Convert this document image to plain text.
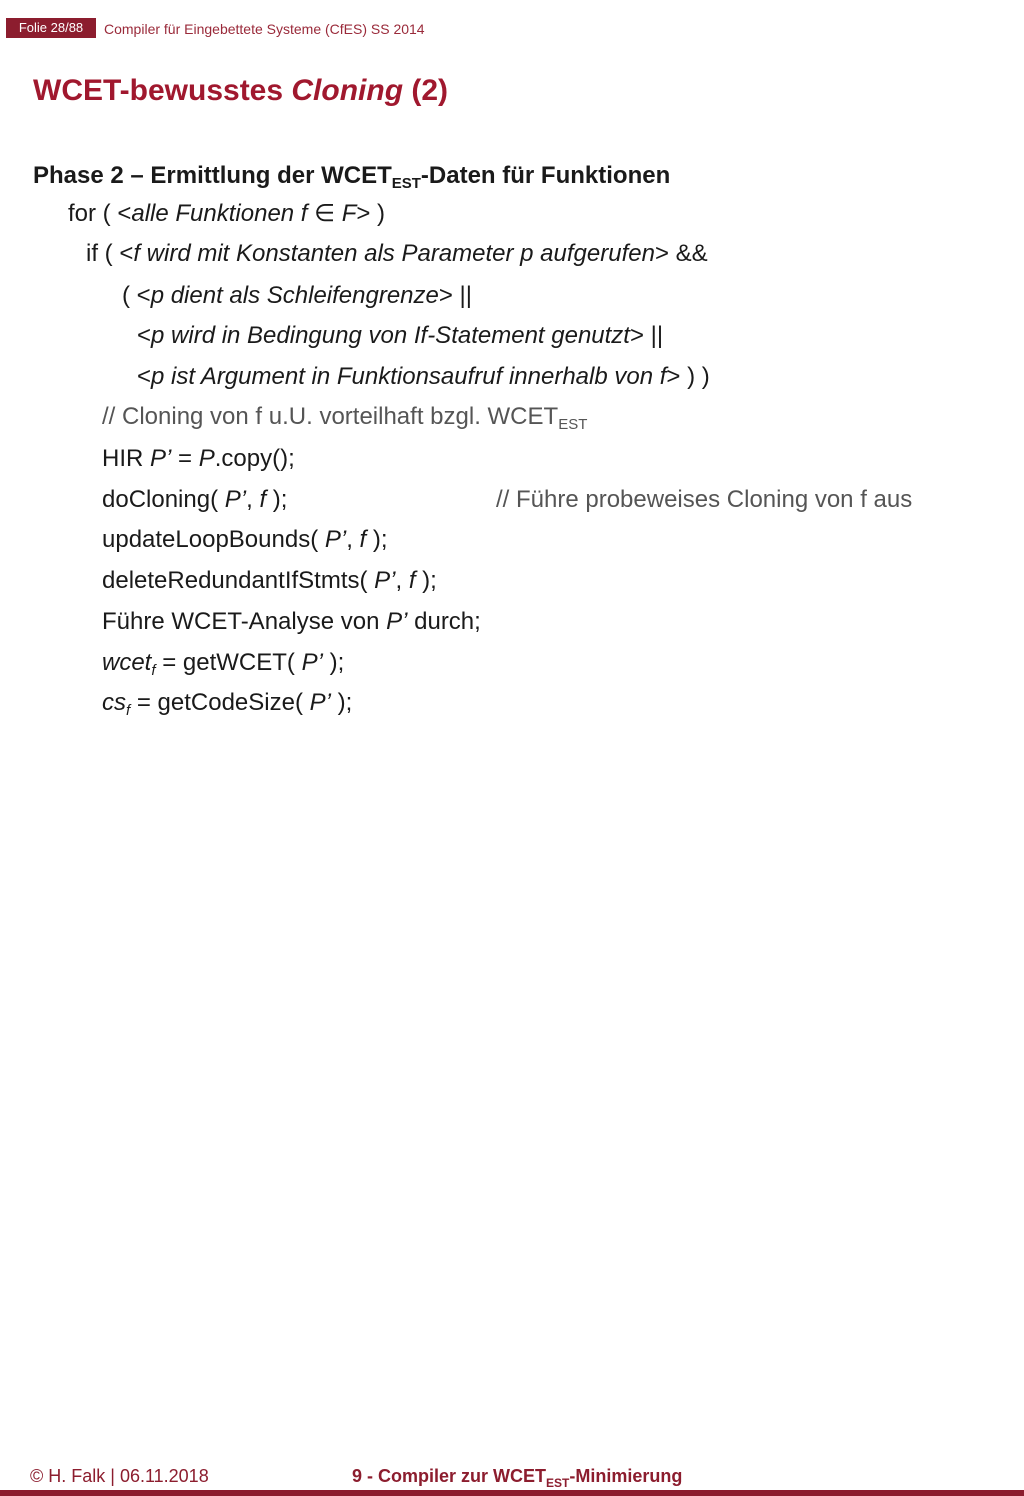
Folie 28/88	Compiler für Eingebettete Systeme (CfES) SS 2014
WCET-bewusstes Cloning (2)
Phase 2 – Ermittlung der $WCET_{EST}$-Daten für Funktionen
for ( <alle Funktionen f ∈ F> )
if ( <f wird mit Konstanten als Parameter p aufgerufen> &&
( <p dient als Schleifengrenze> ||
<p wird in Bedingung von If-Statement genutzt> ||
<p ist Argument in Funktionsaufruf innerhalb von f> ) )
// Cloning von f u.U. vorteilhaft bzgl. $WCET_{EST}$
HIR P’ = P.copy();
doCloning( P’, f );	// Führe probeweises Cloning von f aus
updateLoopBounds( P’, f );
deleteRedundantIfStmts( P’, f );
Führe WCET-Analyse von P’ durch;
wcet$_f$ = getWCET( P’ );
$cs_f$ = getCodeSize( P’ );
© H. Falk | 06.11.2018	9 - Compiler zur $WCET_{EST}$-Minimierung
